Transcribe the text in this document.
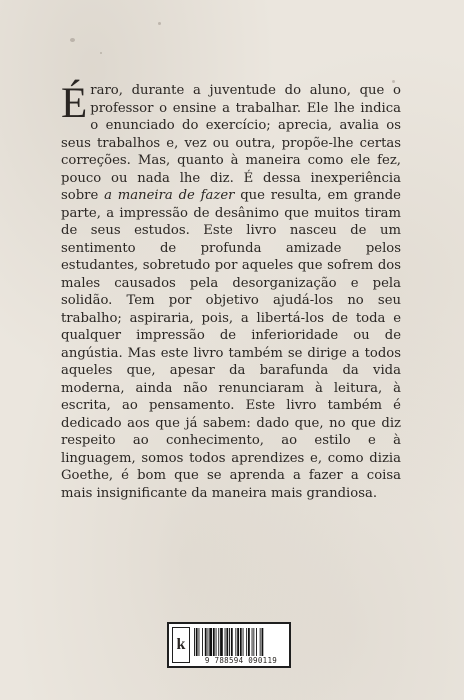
Éraro, durante a juventude do aluno, que o professor o ensine a trabalhar. Ele lhe indica o enunciado do exercício; aprecia, avalia os seus trabalhos e, vez ou outra, propõe-lhe certas correções. Mas, quanto à maneira como ele fez, pouco ou nada lhe diz. É dessa inexperiência sobre a maneira de fazer que resulta, em grande parte, a impressão de desânimo que muitos tiram de seus estudos. Este livro nasceu de um sentimento de profunda amizade pelos estudantes, sobretudo por aqueles que sofrem dos males causados pela desorganização e pela solidão. Tem por objetivo ajudá-los no seu trabalho; aspiraria, pois, a libertá-los de toda e qualquer impressão de inferioridade ou de angústia. Mas este livro também se dirige a todos aqueles que, apesar da barafunda da vida moderna, ainda não renunciaram à leitura, à escrita, ao pensamento. Este livro também é dedicado aos que já sabem: dado que, no que diz respeito ao conhecimento, ao estilo e à linguagem, somos todos aprendizes e, como dizia Goethe, é bom que se aprenda a fazer a coisa mais insignificante da maneira mais grandiosa.

k
9 788594 090119
